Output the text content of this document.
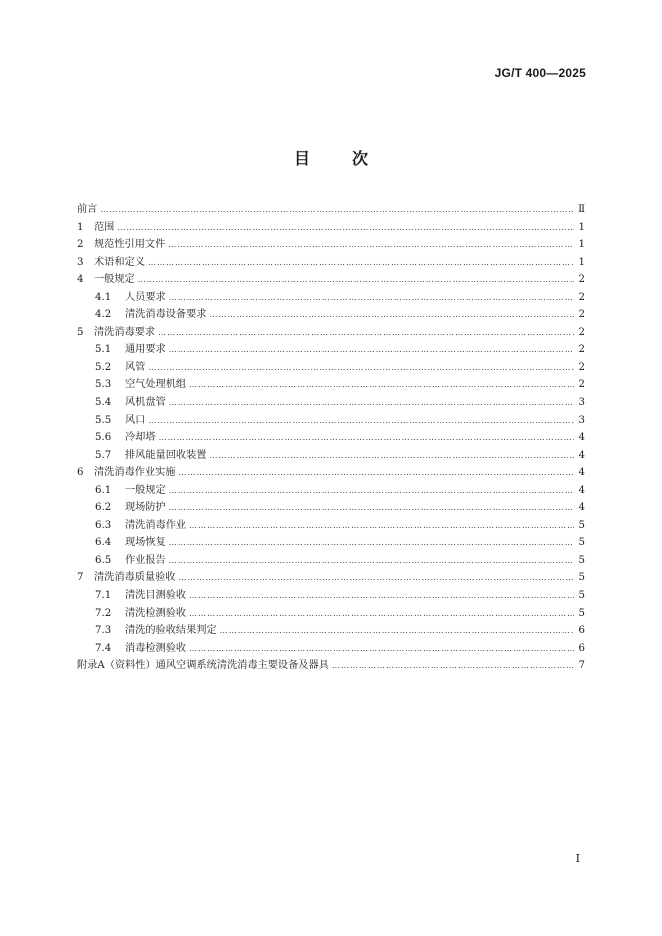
JG/T 400—2025
目	次
前言 ………………………………………………………………………………………………………………………………………………………………………………………………………………………	Ⅱ
1	范围 ………………………………………………………………………………………………………………………………………………………………………………………………………………………	1
2	规范性引用文件 ………………………………………………………………………………………………………………………………………………………………………………………………………………………	1
3	术语和定义 ………………………………………………………………………………………………………………………………………………………………………………………………………………………	1
4	一般规定 ………………………………………………………………………………………………………………………………………………………………………………………………………………………	2
4.1	人员要求 ………………………………………………………………………………………………………………………………………………………………………………………………………………………	2
4.2	清洗消毒设备要求 ………………………………………………………………………………………………………………………………………………………………………………………………………………………	2
5	清洗消毒要求 ………………………………………………………………………………………………………………………………………………………………………………………………………………………	2
5.1	通用要求 ………………………………………………………………………………………………………………………………………………………………………………………………………………………	2
5.2	风管 ………………………………………………………………………………………………………………………………………………………………………………………………………………………	2
5.3	空气处理机组 ………………………………………………………………………………………………………………………………………………………………………………………………………………………	2
5.4	风机盘管 ………………………………………………………………………………………………………………………………………………………………………………………………………………………	3
5.5	风口 ………………………………………………………………………………………………………………………………………………………………………………………………………………………	3
5.6	冷却塔 ………………………………………………………………………………………………………………………………………………………………………………………………………………………	4
5.7	排风能量回收装置 ………………………………………………………………………………………………………………………………………………………………………………………………………………………	4
6	清洗消毒作业实施 ………………………………………………………………………………………………………………………………………………………………………………………………………………………	4
6.1	一般规定 ………………………………………………………………………………………………………………………………………………………………………………………………………………………	4
6.2	现场防护 ………………………………………………………………………………………………………………………………………………………………………………………………………………………	4
6.3	清洗消毒作业 ………………………………………………………………………………………………………………………………………………………………………………………………………………………	5
6.4	现场恢复 ………………………………………………………………………………………………………………………………………………………………………………………………………………………	5
6.5	作业报告 ………………………………………………………………………………………………………………………………………………………………………………………………………………………	5
7	清洗消毒质量验收 ………………………………………………………………………………………………………………………………………………………………………………………………………………………	5
7.1	清洗目测验收 ………………………………………………………………………………………………………………………………………………………………………………………………………………………	5
7.2	清洗检测验收 ………………………………………………………………………………………………………………………………………………………………………………………………………………………	5
7.3	清洗的验收结果判定 ………………………………………………………………………………………………………………………………………………………………………………………………………………………	6
7.4	消毒检测验收 ………………………………………………………………………………………………………………………………………………………………………………………………………………………	6
附录A（资料性）通风空调系统清洗消毒主要设备及器具 ………………………………………………………………………………………………………………………………………………………………………………………………………………………	7
I
